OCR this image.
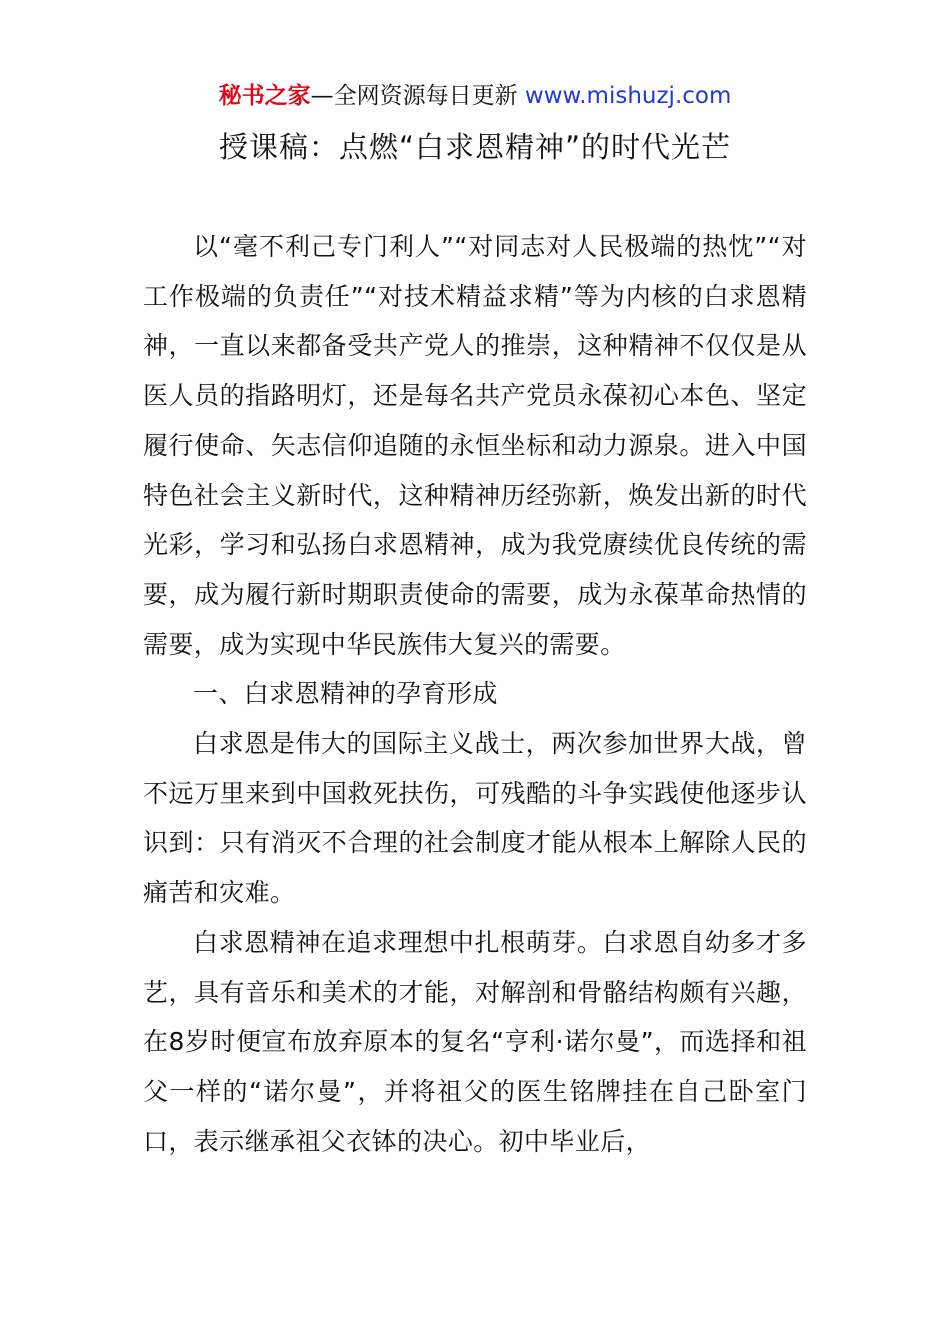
秘书之家—全网资源每日更新 www.mishuzj.com
授课稿：点燃“白求恩精神”的时代光芒

以“毫不利己专门利人”“对同志对人民极端的热忱”“对工作极端的负责任”“对技术精益求精”等为内核的白求恩精神，一直以来都备受共产党人的推崇，这种精神不仅仅是从医人员的指路明灯，还是每名共产党员永葆初心本色、坚定履行使命、矢志信仰追随的永恒坐标和动力源泉。进入中国特色社会主义新时代，这种精神历经弥新，焕发出新的时代光彩，学习和弘扬白求恩精神，成为我党赓续优良传统的需要，成为履行新时期职责使命的需要，成为永葆革命热情的需要，成为实现中华民族伟大复兴的需要。

一、白求恩精神的孕育形成

白求恩是伟大的国际主义战士，两次参加世界大战，曾不远万里来到中国救死扶伤，可残酷的斗争实践使他逐步认识到：只有消灭不合理的社会制度才能从根本上解除人民的痛苦和灾难。

白求恩精神在追求理想中扎根萌芽。白求恩自幼多才多艺，具有音乐和美术的才能，对解剖和骨骼结构颇有兴趣，在8岁时便宣布放弃原本的复名“亨利·诺尔曼”，而选择和祖父一样的“诺尔曼”，并将祖父的医生铭牌挂在自己卧室门口，表示继承祖父衣钵的决心。初中毕业后，
